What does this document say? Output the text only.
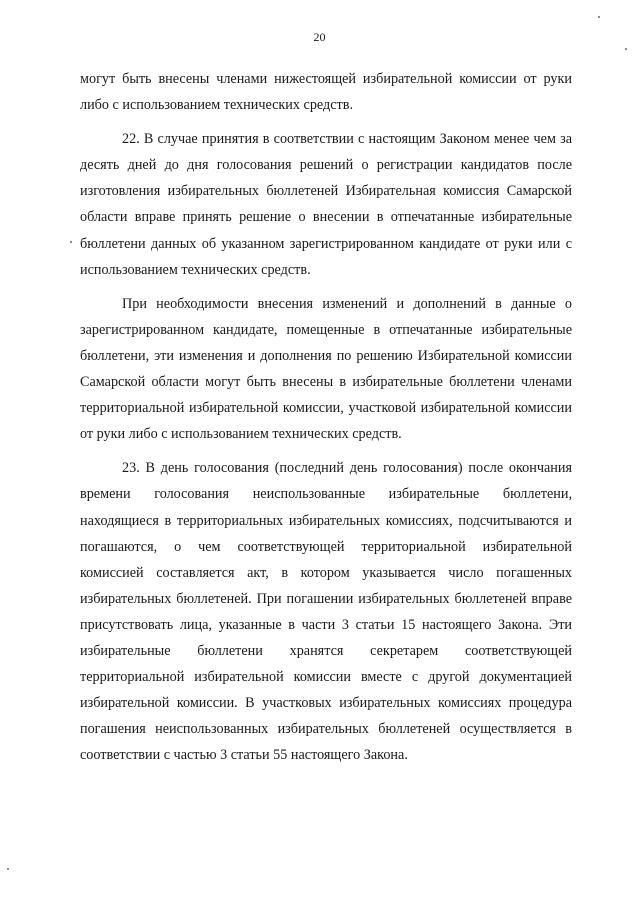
20

могут быть внесены членами нижестоящей избирательной комиссии от руки либо с использованием технических средств.

22. В случае принятия в соответствии с настоящим Законом менее чем за десять дней до дня голосования решений о регистрации кандидатов после изготовления избирательных бюллетеней Избирательная комиссия Самарской области вправе принять решение о внесении в отпечатанные избирательные бюллетени данных об указанном зарегистрированном кандидате от руки или с использованием технических средств.

При необходимости внесения изменений и дополнений в данные о зарегистрированном кандидате, помещенные в отпечатанные избирательные бюллетени, эти изменения и дополнения по решению Избирательной комиссии Самарской области могут быть внесены в избирательные бюллетени членами территориальной избирательной комиссии, участковой избирательной комиссии от руки либо с использованием технических средств.

23. В день голосования (последний день голосования) после окончания времени голосования неиспользованные избирательные бюллетени, находящиеся в территориальных избирательных комиссиях, подсчитываются и погашаются, о чем соответствующей территориальной избирательной комиссией составляется акт, в котором указывается число погашенных избирательных бюллетеней. При погашении избирательных бюллетеней вправе присутствовать лица, указанные в части 3 статьи 15 настоящего Закона. Эти избирательные бюллетени хранятся секретарем соответствующей территориальной избирательной комиссии вместе с другой документацией избирательной комиссии. В участковых избирательных комиссиях процедура погашения неиспользованных избирательных бюллетеней осуществляется в соответствии с частью 3 статьи 55 настоящего Закона.
